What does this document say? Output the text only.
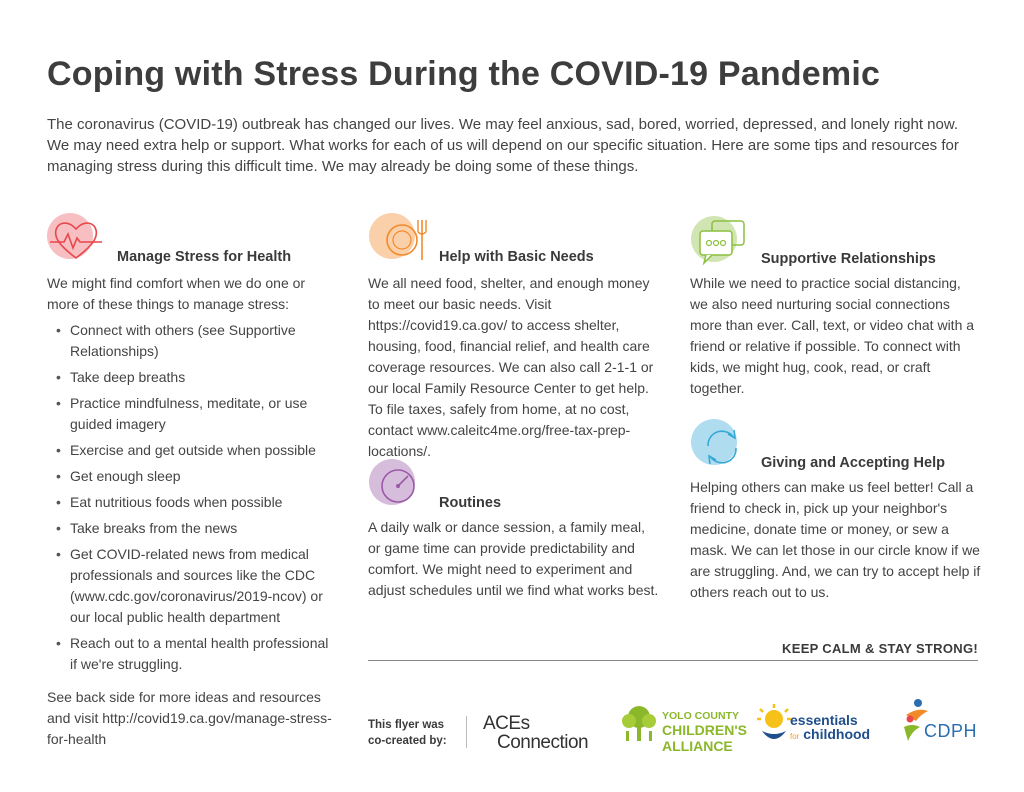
Coping with Stress During the COVID-19 Pandemic
The coronavirus (COVID-19) outbreak has changed our lives. We may feel anxious, sad, bored, worried, depressed, and lonely right now. We may need extra help or support. What works for each of us will depend on our specific situation. Here are some tips and resources for managing stress during this difficult time. We may already be doing some of these things.
Manage Stress for Health
We might find comfort when we do one or more of these things to manage stress:
• Connect with others (see Supportive Relationships)
• Take deep breaths
• Practice mindfulness, meditate, or use guided imagery
• Exercise and get outside when possible
• Get enough sleep
• Eat nutritious foods when possible
• Take breaks from the news
• Get COVID-related news from medical professionals and sources like the CDC (www.cdc.gov/coronavirus/2019-ncov) or our local public health department
• Reach out to a mental health professional if we're struggling.
See back side for more ideas and resources and visit http://covid19.ca.gov/manage-stress-for-health
Help with Basic Needs
We all need food, shelter, and enough money to meet our basic needs. Visit https://covid19.ca.gov/ to access shelter, housing, food, financial relief, and health care coverage resources. We can also call 2-1-1 or our local Family Resource Center to get help. To file taxes, safely from home, at no cost, contact www.caleitc4me.org/free-tax-prep-locations/.
Routines
A daily walk or dance session, a family meal, or game time can provide predictability and comfort. We might need to experiment and adjust schedules until we find what works best.
Supportive Relationships
While we need to practice social distancing, we also need nurturing social connections more than ever. Call, text, or video chat with a friend or relative if possible. To connect with kids, we might hug, cook, read, or craft together.
Giving and Accepting Help
Helping others can make us feel better! Call a friend to check in, pick up your neighbor's medicine, donate time or money, or sew a mask. We can let those in our circle know if we are struggling. And, we can try to accept help if others reach out to us.
KEEP CALM & STAY STRONG!
This flyer was
co-created by:
ACEs
Connection
YOLO COUNTY

CHILDREN'S
ALLIANCE
essentials
for childhood	CDPH
